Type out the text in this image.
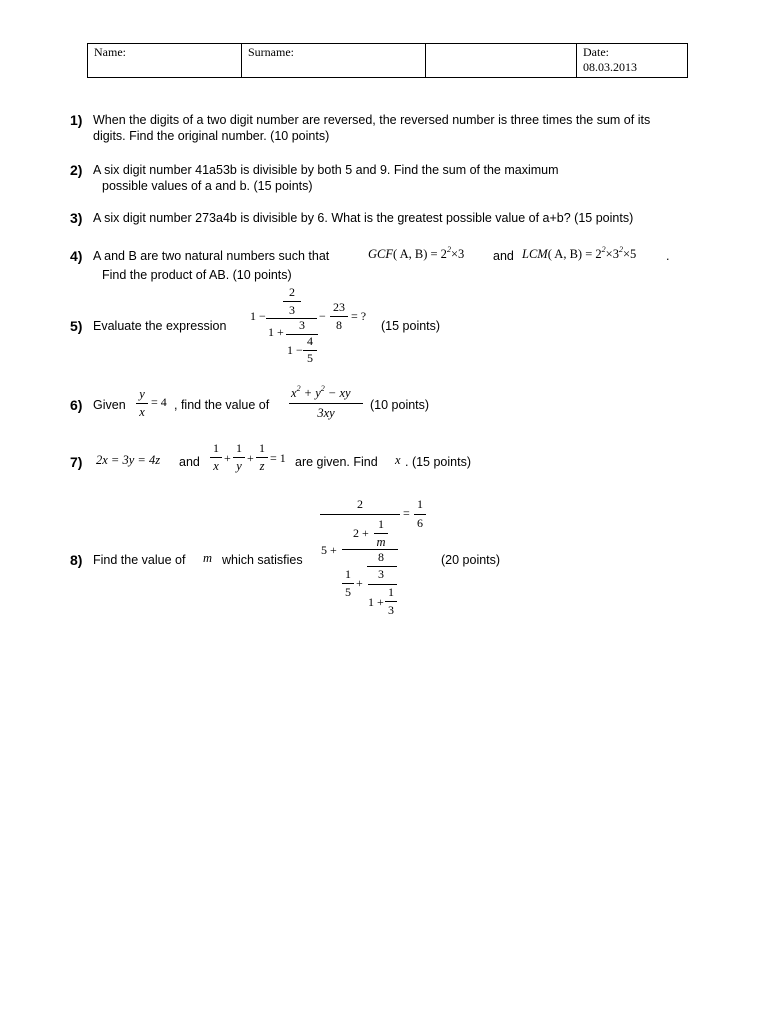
Name:	Surname:		Date:
08.03.2013
1) When the digits of a two digit number are reversed, the reversed number is three times the sum of its
digits. Find the original number. (10 points)
2) A six digit number 41a53b is divisible by both 5 and 9. Find the sum of the maximum
possible values of a and b. (15 points)
3) A six digit number 273a4b is divisible by 6. What is the greatest possible value of a+b? (15 points)
4) A and B are two natural numbers such that	GCF( A, $B) = 2^2\times 3$ and LCM( A, $B) = 2^2\times 3^2\times 5$ .
Find the product of AB. (10 points)
5) Evaluate the expression
1 −
2
3
1 +	3
1 −
4
5
−
23
8
= ?
(15 points)
6) Given
y
x
= 4 , find the value of
$x^2 + y^2$ − xy
3xy
(10 points)
7) 2x = 3y = 4z and
1
x
+
1
y
+
1
z
= 1 are given. Find x . (15 points)
8) Find the value of m which satisfies
2
=
1
6
2 +
1
m
5 +	8
1
5
+
3
1 +
1
3
(20 points)
